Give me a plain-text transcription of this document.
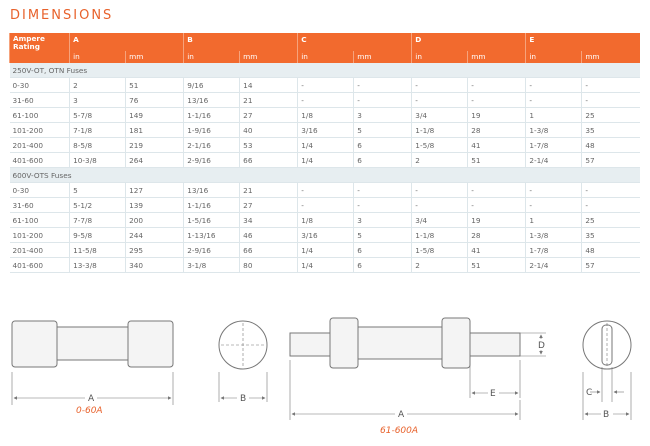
DIMENSIONS
Ampere Rating	A		B		C		D		E	
	in	mm	in	mm	in	mm	in	mm	in	mm
250V-OT, OTN Fuses										
0-30	2	51	9/16	14	-	-	-	-	-	-
31-60	3	76	13/16	21	-	-	-	-	-	-
61-100	5-7/8	149	1-1/16	27	1/8	3	3/4	19	1	25
101-200	7-1/8	181	1-9/16	40	3/16	5	1-1/8	28	1-3/8	35
201-400	8-5/8	219	2-1/16	53	1/4	6	1-5/8	41	1-7/8	48
401-600	10-3/8	264	2-9/16	66	1/4	6	2	51	2-1/4	57
600V-OTS Fuses										
0-30	5	127	13/16	21	-	-	-	-	-	-
31-60	5-1/2	139	1-1/16	27	-	-	-	-	-	-
61-100	7-7/8	200	1-5/16	34	1/8	3	3/4	19	1	25
101-200	9-5/8	244	1-13/16	46	3/16	5	1-1/8	28	1-3/8	35
201-400	11-5/8	295	2-9/16	66	1/4	6	1-5/8	41	1-7/8	48
401-600	13-3/8	340	3-1/8	80	1/4	6	2	51	2-1/4	57
A	B
D
E
A
C
B
0-60A
61-600A
